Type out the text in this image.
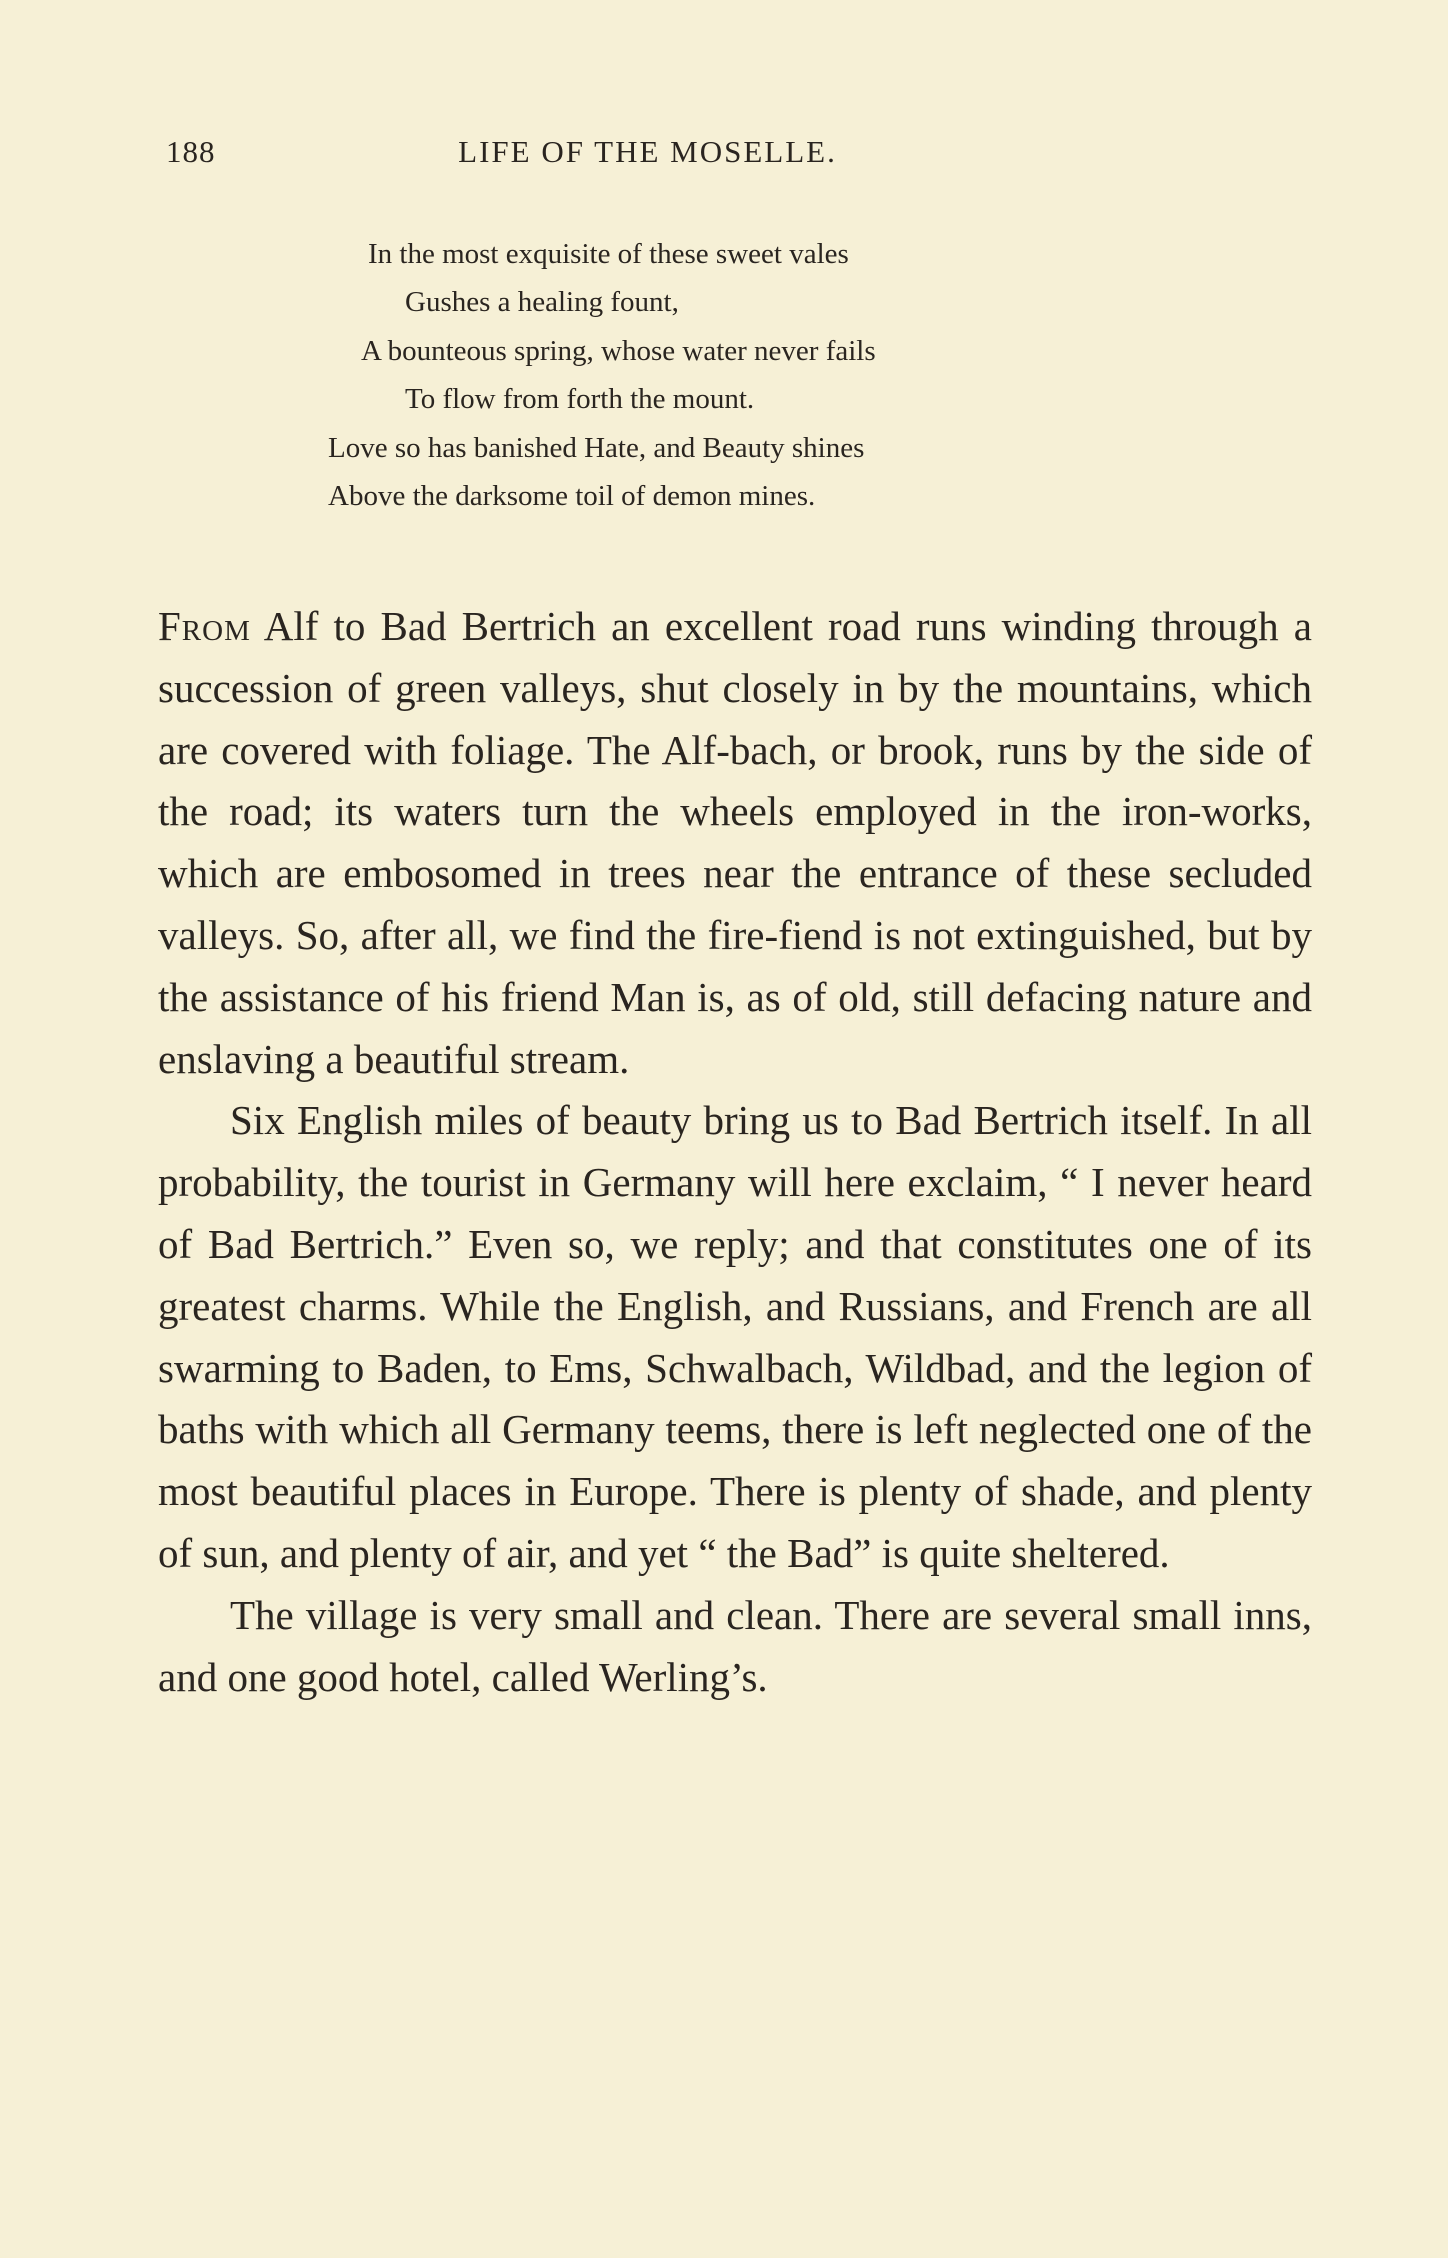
188	LIFE OF THE MOSELLE.
In the most exquisite of these sweet vales
Gushes a healing fount,
A bounteous spring, whose water never fails
To flow from forth the mount.
Love so has banished Hate, and Beauty shines
Above the darksome toil of demon mines.

From Alf to Bad Bertrich an excellent road runs winding through a succession of green valleys, shut closely in by the mountains, which are covered with foliage. The Alf-bach, or brook, runs by the side of the road; its waters turn the wheels employed in the iron-works, which are embosomed in trees near the entrance of these secluded valleys. So, after all, we find the fire-fiend is not extinguished, but by the assistance of his friend Man is, as of old, still defacing nature and enslaving a beautiful stream.

Six English miles of beauty bring us to Bad Bertrich itself. In all probability, the tourist in Germany will here exclaim, “ I never heard of Bad Bertrich.” Even so, we reply; and that constitutes one of its greatest charms. While the English, and Russians, and French are all swarming to Baden, to Ems, Schwalbach, Wildbad, and the legion of baths with which all Germany teems, there is left neglected one of the most beautiful places in Europe. There is plenty of shade, and plenty of sun, and plenty of air, and yet “ the Bad” is quite sheltered.

The village is very small and clean. There are several small inns, and one good hotel, called Werling’s.
